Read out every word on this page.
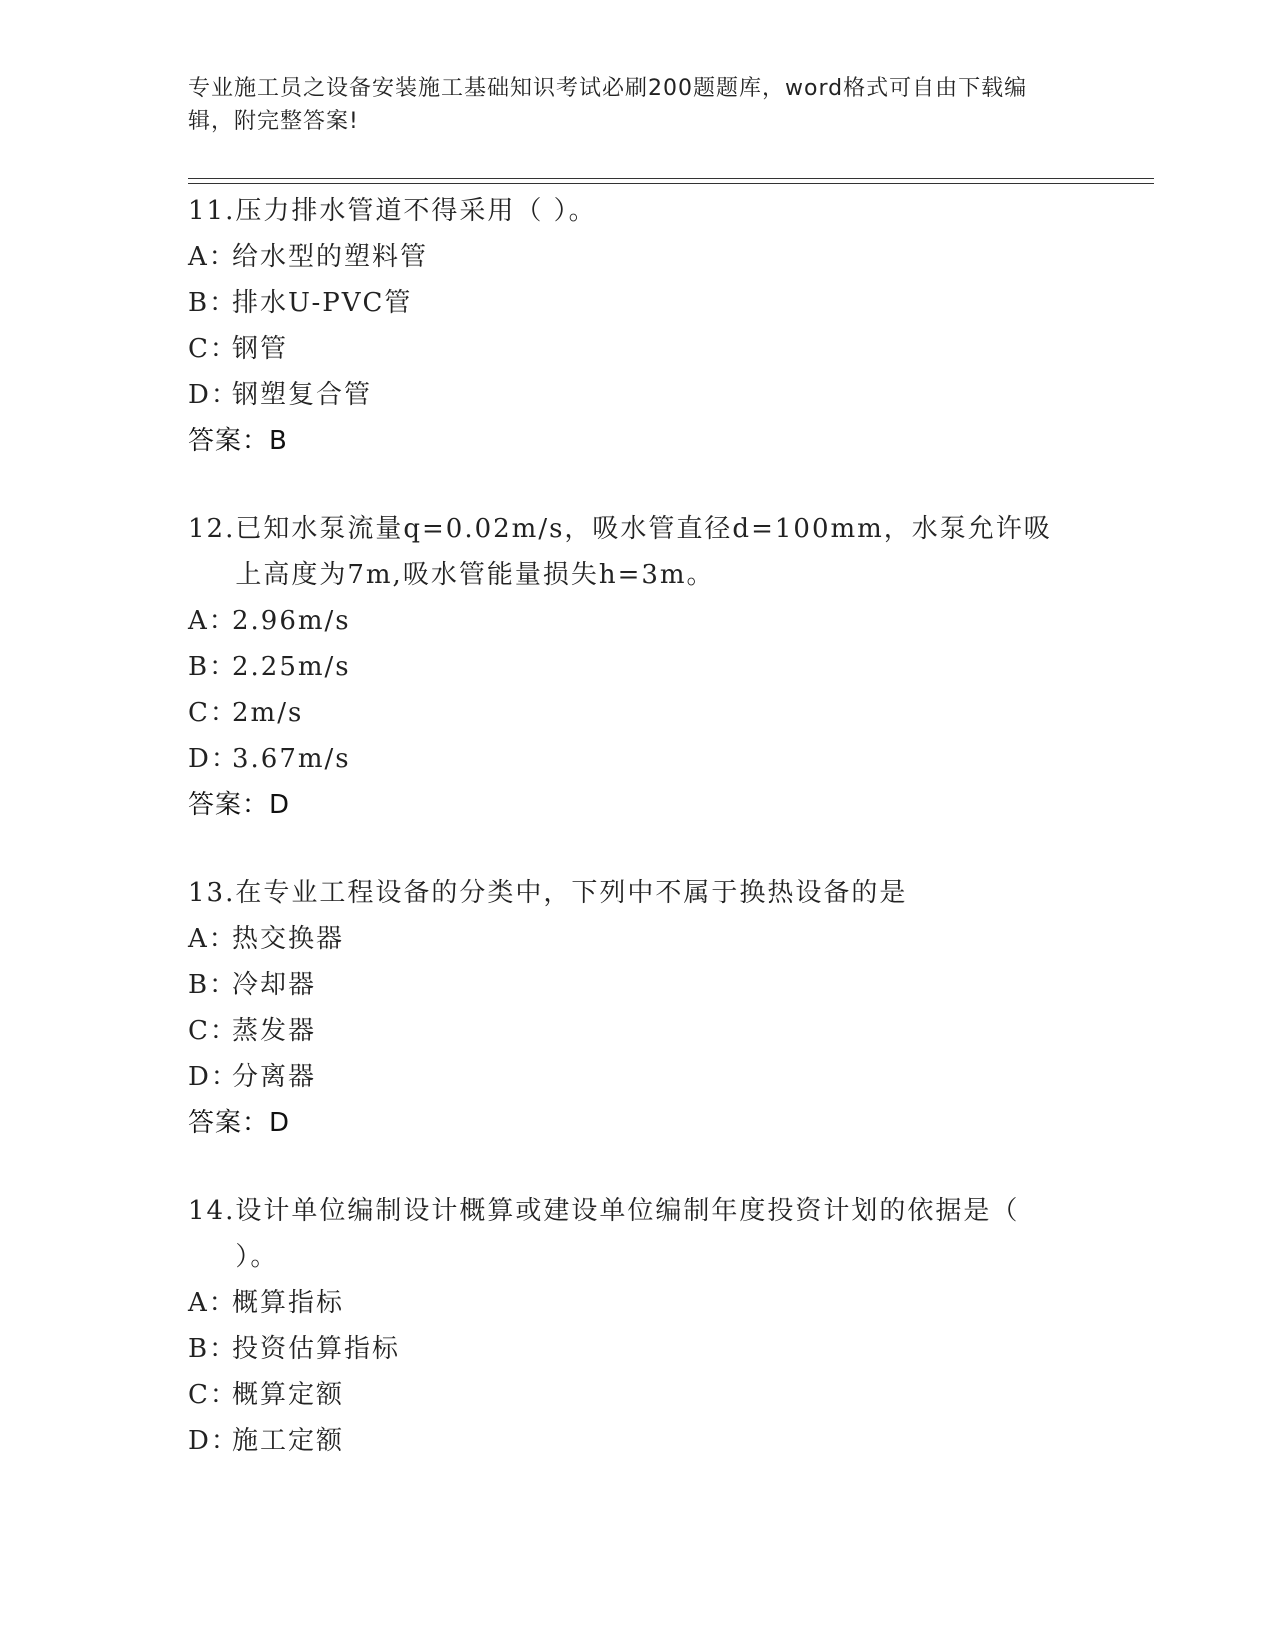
专业施工员之设备安装施工基础知识考试必刷200题题库，word格式可自由下载编辑，附完整答案!
11. 压力排水管道不得采用（ ）。
A：
给水型的塑料管
B：
排水U-PVC管
C：
钢管
D：
钢塑复合管
答案：B
12. 已知水泵流量q=0.02m/s，吸水管直径d=100mm，水泵允许吸上高度为7m,吸水管能量损失h=3m。
A：
2.96m/s
B：
2.25m/s
C：
2m/s
D：
3.67m/s
答案：D
13. 在专业工程设备的分类中，下列中不属于换热设备的是
A：
热交换器
B：
冷却器
C：
蒸发器
D：
分离器
答案：D
14. 设计单位编制设计概算或建设单位编制年度投资计划的依据是（ ）。
A：
概算指标
B：
投资估算指标
C：
概算定额
D：
施工定额
